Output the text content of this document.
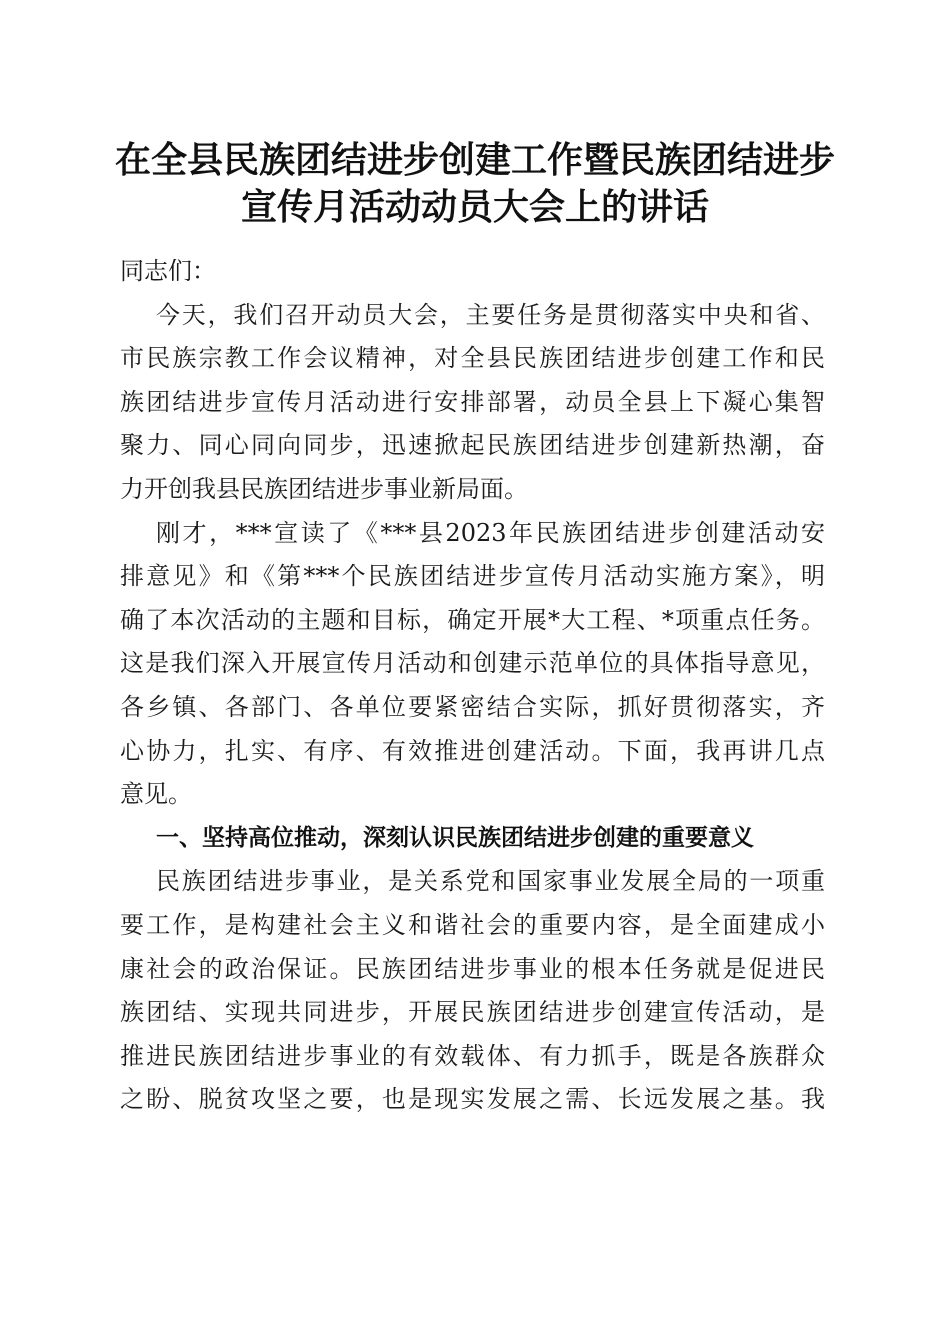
在全县民族团结进步创建工作暨民族团结进步
宣传月活动动员大会上的讲话
同志们：
今天，我们召开动员大会，主要任务是贯彻落实中央和省、
市民族宗教工作会议精神，对全县民族团结进步创建工作和民
族团结进步宣传月活动进行安排部署，动员全县上下凝心集智
聚力、同心同向同步，迅速掀起民族团结进步创建新热潮，奋
力开创我县民族团结进步事业新局面。
刚才，***宣读了《***县2023年民族团结进步创建活动安
排意见》和《第***个民族团结进步宣传月活动实施方案》，明
确了本次活动的主题和目标，确定开展*大工程、*项重点任务。
这是我们深入开展宣传月活动和创建示范单位的具体指导意见，
各乡镇、各部门、各单位要紧密结合实际，抓好贯彻落实，齐
心协力，扎实、有序、有效推进创建活动。下面，我再讲几点
意见。
一、坚持高位推动，深刻认识民族团结进步创建的重要意义
民族团结进步事业，是关系党和国家事业发展全局的一项重
要工作，是构建社会主义和谐社会的重要内容，是全面建成小
康社会的政治保证。民族团结进步事业的根本任务就是促进民
族团结、实现共同进步，开展民族团结进步创建宣传活动，是
推进民族团结进步事业的有效载体、有力抓手，既是各族群众
之盼、脱贫攻坚之要，也是现实发展之需、长远发展之基。我
